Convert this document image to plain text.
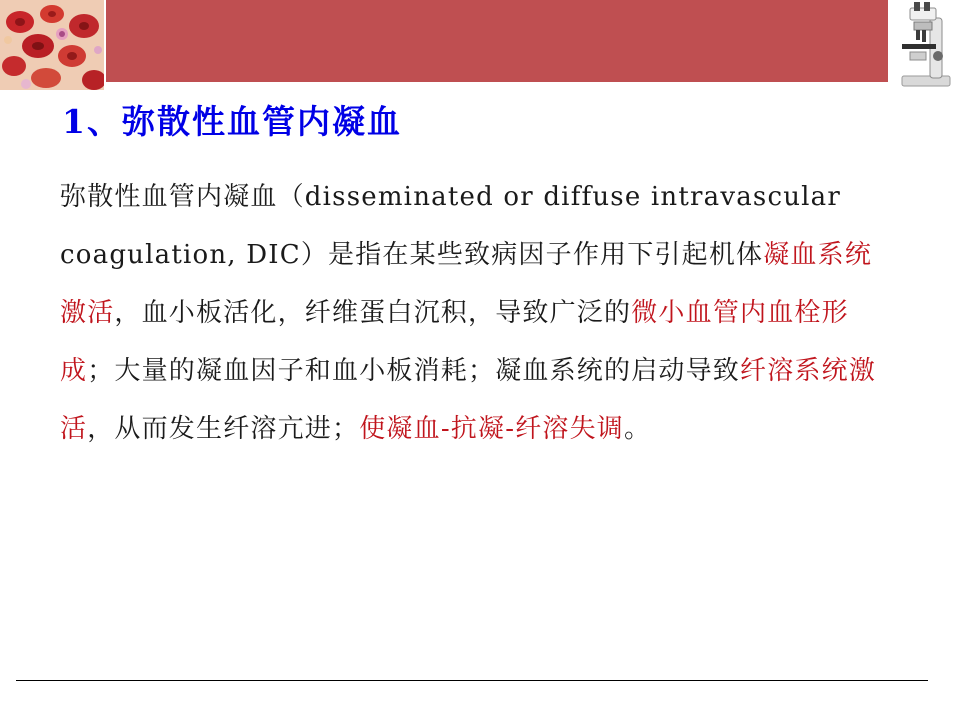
1、弥散性血管内凝血

弥散性血管内凝血（disseminated or diffuse intravascular coagulation, DIC）是指在某些致病因子作用下引起机体凝血系统激活，血小板活化，纤维蛋白沉积，导致广泛的微小血管内血栓形成；大量的凝血因子和血小板消耗；凝血系统的启动导致纤溶系统激活，从而发生纤溶亢进；使凝血-抗凝-纤溶失调。
